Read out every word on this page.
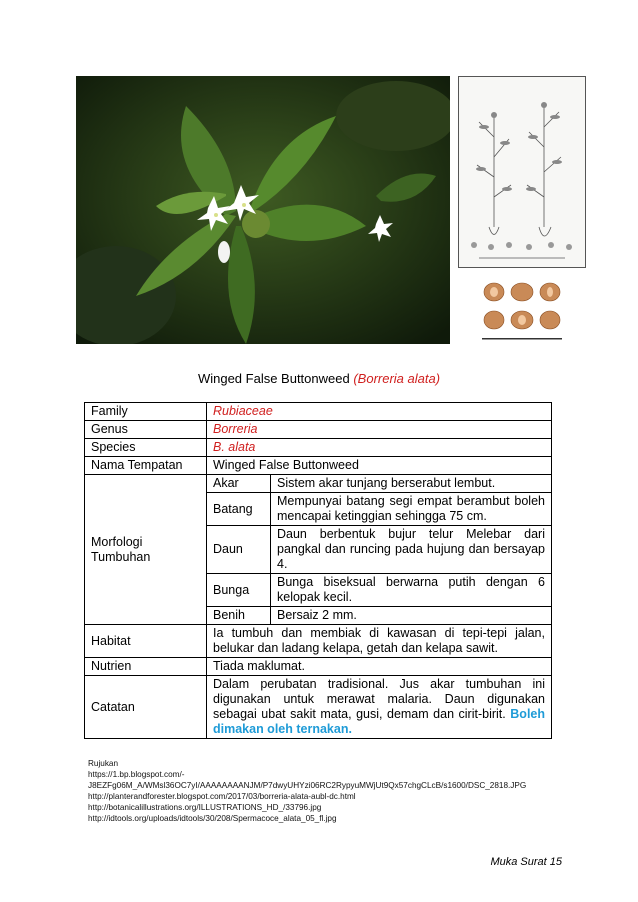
Winged False Buttonweed (Borreria alata)
Family	Rubiaceae	
Genus	Borreria	
Species	B. alata	
Nama Tempatan	Winged False Buttonweed	
Morfologi Tumbuhan	Akar	Sistem akar tunjang berserabut lembut.
	Batang	Mempunyai batang segi empat berambut boleh mencapai ketinggian sehingga 75 cm.
	Daun	Daun berbentuk bujur telur Melebar dari pangkal dan runcing pada hujung dan bersayap 4.
	Bunga	Bunga biseksual berwarna putih dengan 6 kelopak kecil.
	Benih	Bersaiz 2 mm.
Habitat	Ia tumbuh dan membiak di kawasan di tepi-tepi jalan, belukar dan ladang kelapa, getah dan kelapa sawit.	
Nutrien	Tiada maklumat.	
Catatan	Dalam perubatan tradisional. Jus akar tumbuhan ini digunakan untuk merawat malaria. Daun digunakan sebagai ubat sakit mata, gusi, demam dan cirit-birit. Boleh dimakan oleh ternakan.	
Rujukan
https://1.bp.blogspot.com/-
J8EZFg06M_A/WMsl36OC7yI/AAAAAAAANJM/P7dwyUHYzi06RC2RypyuMWjUt9Qx57chgCLcB/s1600/DSC_2818.JPG
http://planterandforester.blogspot.com/2017/03/borreria-alata-aubl-dc.html
http://botanicalillustrations.org/ILLUSTRATIONS_HD_/33796.jpg
http://idtools.org/uploads/idtools/30/208/Spermacoce_alata_05_fl.jpg
Muka Surat 15
